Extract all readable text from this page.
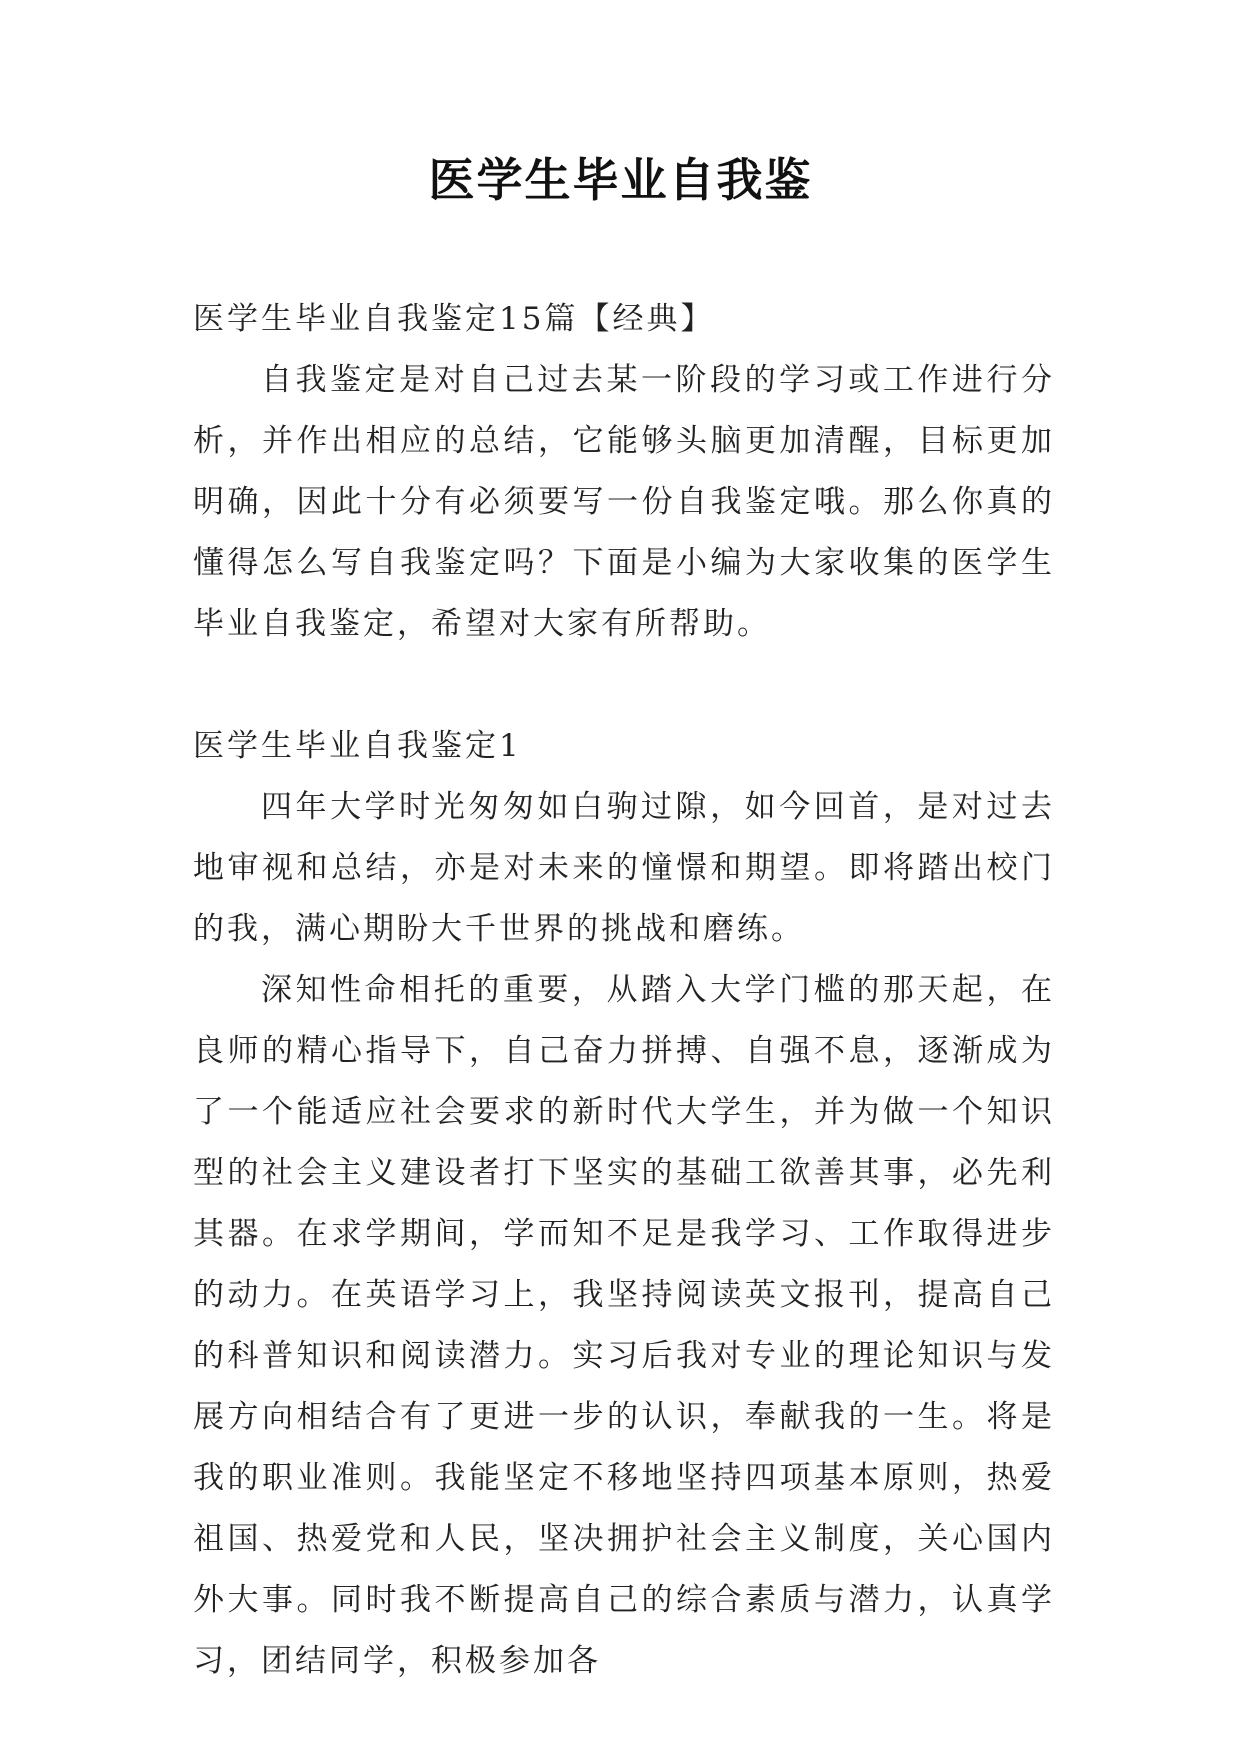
医学生毕业自我鉴

医学生毕业自我鉴定15篇【经典】

自我鉴定是对自己过去某一阶段的学习或工作进行分析，并作出相应的总结，它能够头脑更加清醒，目标更加明确，因此十分有必须要写一份自我鉴定哦。那么你真的懂得怎么写自我鉴定吗？下面是小编为大家收集的医学生毕业自我鉴定，希望对大家有所帮助。

医学生毕业自我鉴定1

四年大学时光匆匆如白驹过隙，如今回首，是对过去地审视和总结，亦是对未来的憧憬和期望。即将踏出校门的我，满心期盼大千世界的挑战和磨练。

深知性命相托的重要，从踏入大学门槛的那天起，在良师的精心指导下，自己奋力拼搏、自强不息，逐渐成为了一个能适应社会要求的新时代大学生，并为做一个知识型的社会主义建设者打下坚实的基础工欲善其事，必先利其器。在求学期间，学而知不足是我学习、工作取得进步的动力。在英语学习上，我坚持阅读英文报刊，提高自己的科普知识和阅读潜力。实习后我对专业的理论知识与发展方向相结合有了更进一步的认识，奉献我的一生。将是我的职业准则。我能坚定不移地坚持四项基本原则，热爱祖国、热爱党和人民，坚决拥护社会主义制度，关心国内外大事。同时我不断提高自己的综合素质与潜力，认真学习，团结同学，积极参加各
